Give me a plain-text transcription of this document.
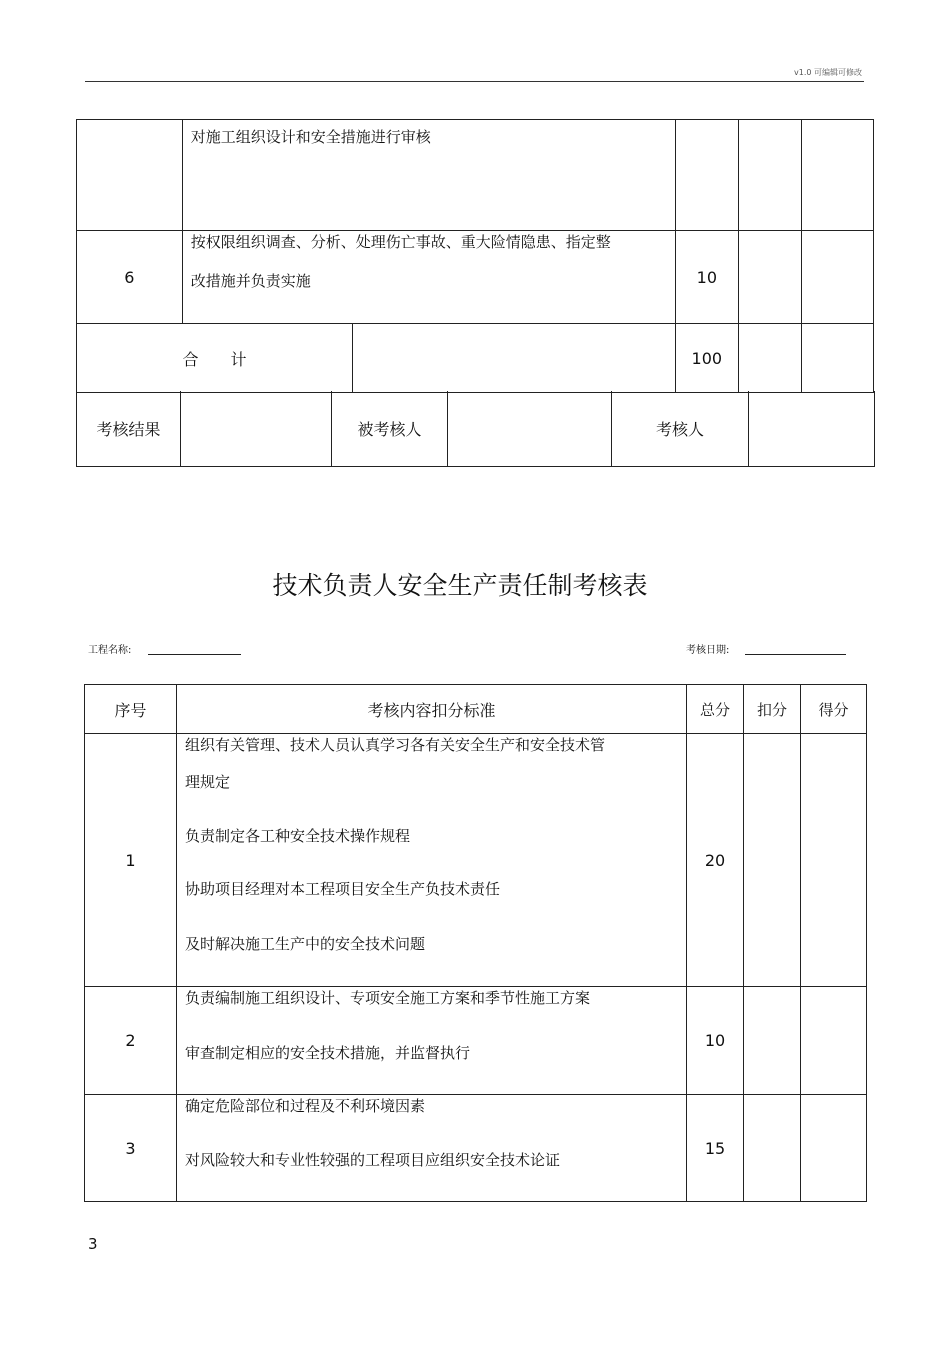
v1.0 可编辑可修改
	对施工组织设计和安全措施进行审核				
6	按权限组织调查、分析、处理伤亡事故、重大险情隐患、指定整
改措施并负责实施		10		
合　　计			100		
考核结果		被考核人		考核人	
技术负责人安全生产责任制考核表
工程名称:	考核日期:
序号	考核内容扣分标准	总分	扣分	得分
1	组织有关管理、技术人员认真学习各有关安全生产和安全技术管
理规定
负责制定各工种安全技术操作规程
协助项目经理对本工程项目安全生产负技术责任
及时解决施工生产中的安全技术问题	20		
2	负责编制施工组织设计、专项安全施工方案和季节性施工方案
审查制定相应的安全技术措施，并监督执行	10		
3	确定危险部位和过程及不利环境因素
对风险较大和专业性较强的工程项目应组织安全技术论证	15		
3
